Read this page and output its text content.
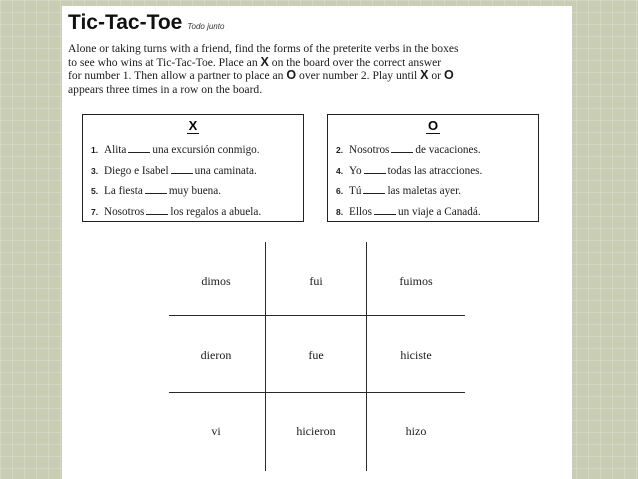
Tic-Tac-Toe Todo junto
Alone or taking turns with a friend, find the forms of the preterite verbs in the boxes
to see who wins at Tic-Tac-Toe. Place an X on the board over the correct answer
for number 1. Then allow a partner to place an O over number 2. Play until X or O
appears three times in a row on the board.
X
1. Alita una excursión conmigo.
3. Diego e Isabel una caminata.
5. La fiesta muy buena.
7. Nosotros los regalos a abuela.
O
2. Nosotros de vacaciones.
4. Yo todas las atracciones.
6. Tú las maletas ayer.
8. Ellos un viaje a Canadá.
dimos	fui	fuimos
dieron	fue	hiciste
vi	hicieron	hizo
